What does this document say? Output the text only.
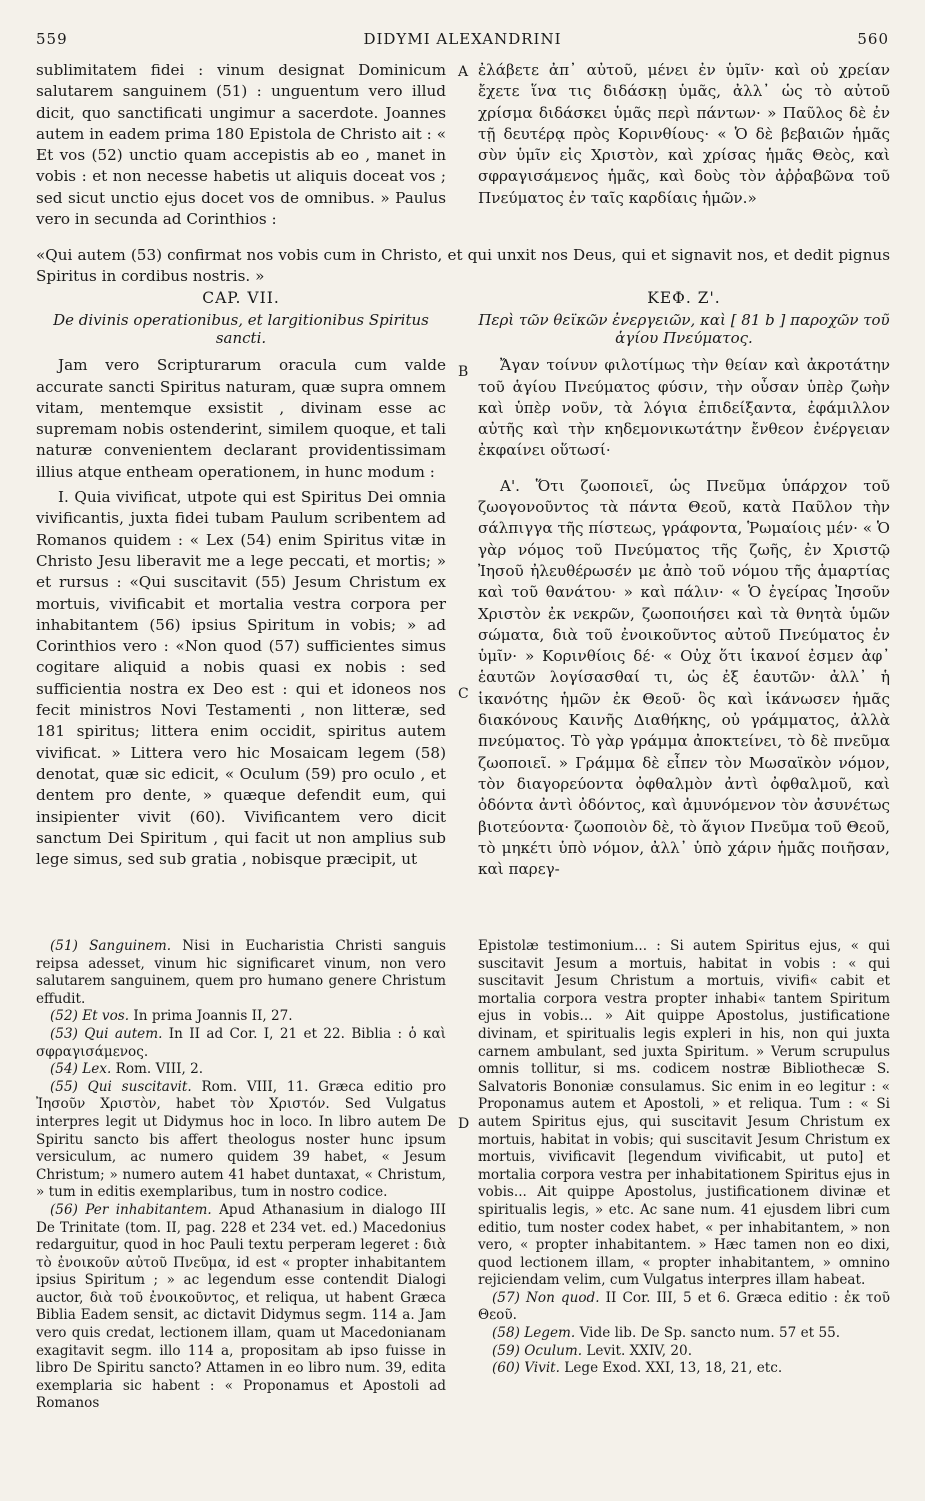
559	DIDYMI ALEXANDRINI	560
A
B
C
D

sublimitatem fidei : vinum designat Dominicum salutarem sanguinem (51) : unguentum vero illud dicit, quo sanctificati ungimur a sacerdote. Joannes autem in eadem prima 180 Epistola de Christo ait : « Et vos (52) unctio quam accepistis ab eo , manet in vobis : et non necesse habetis ut aliquis doceat vos ; sed sicut unctio ejus docet vos de omnibus. » Paulus vero in secunda ad Corinthios :

ἐλάβετε ἀπ᾽ αὐτοῦ, μένει ἐν ὑμῖν· καὶ οὐ χρείαν ἔχετε ἵνα τις διδάσκῃ ὑμᾶς, ἀλλ᾽ ὡς τὸ αὐτοῦ χρίσμα διδάσκει ὑμᾶς περὶ πάντων· » Παῦλος δὲ ἐν τῇ δευτέρᾳ πρὸς Κορινθίους· « Ὁ δὲ βεβαιῶν ἡμᾶς σὺν ὑμῖν εἰς Χριστὸν, καὶ χρίσας ἡμᾶς Θεὸς, καὶ σφραγισάμενος ἡμᾶς, καὶ δοὺς τὸν ἀῤῥαβῶνα τοῦ Πνεύματος ἐν ταῖς καρδίαις ἡμῶν.»

«Qui autem (53) confirmat nos vobis cum in Christo, et qui unxit nos Deus, qui et signavit nos, et dedit pignus Spiritus in cordibus nostris. »

CAP. VII.

De divinis operationibus, et largitionibus Spiritus sancti.

Jam vero Scripturarum oracula cum valde accurate sancti Spiritus naturam, quæ supra omnem vitam, mentemque exsistit , divinam esse ac supremam nobis ostenderint, similem quoque, et tali naturæ convenientem declarant providentissimam illius atque entheam operationem, in hunc modum :

I. Quia vivificat, utpote qui est Spiritus Dei omnia vivificantis, juxta fidei tubam Paulum scribentem ad Romanos quidem : « Lex (54) enim Spiritus vitæ in Christo Jesu liberavit me a lege peccati, et mortis; » et rursus : «Qui suscitavit (55) Jesum Christum ex mortuis, vivificabit et mortalia vestra corpora per inhabitantem (56) ipsius Spiritum in vobis; » ad Corinthios vero : «Non quod (57) sufficientes simus cogitare aliquid a nobis quasi ex nobis : sed sufficientia nostra ex Deo est : qui et idoneos nos fecit ministros Novi Testamenti , non litteræ, sed 181 spiritus; littera enim occidit, spiritus autem vivificat. » Littera vero hic Mosaicam legem (58) denotat, quæ sic edicit, « Oculum (59) pro oculo , et dentem pro dente, » quæque defendit eum, qui insipienter vivit (60). Vivificantem vero dicit sanctum Dei Spiritum , qui facit ut non amplius sub lege simus, sed sub gratia , nobisque præcipit, ut

ΚΕΦ. Ζ'.

Περὶ τῶν θεϊκῶν ἐνεργειῶν, καὶ [ 81 b ] παροχῶν τοῦ ἁγίου Πνεύματος.

Ἄγαν τοίνυν φιλοτίμως τὴν θείαν καὶ ἀκροτάτην τοῦ ἁγίου Πνεύματος φύσιν, τὴν οὖσαν ὑπὲρ ζωὴν καὶ ὑπὲρ νοῦν, τὰ λόγια ἐπιδείξαντα, ἐφάμιλλον αὐτῆς καὶ τὴν κηδεμονικωτάτην ἔνθεον ἐνέργειαν ἐκφαίνει οὕτωσί·

Α'. Ὅτι ζωοποιεῖ, ὡς Πνεῦμα ὑπάρχον τοῦ ζωογονοῦντος τὰ πάντα Θεοῦ, κατὰ Παῦλον τὴν σάλπιγγα τῆς πίστεως, γράφοντα, Ῥωμαίοις μέν· « Ὁ γὰρ νόμος τοῦ Πνεύματος τῆς ζωῆς, ἐν Χριστῷ Ἰησοῦ ἠλευθέρωσέν με ἀπὸ τοῦ νόμου τῆς ἁμαρτίας καὶ τοῦ θανάτου· » καὶ πάλιν· « Ὁ ἐγείρας Ἰησοῦν Χριστὸν ἐκ νεκρῶν, ζωοποιήσει καὶ τὰ θνητὰ ὑμῶν σώματα, διὰ τοῦ ἐνοικοῦντος αὐτοῦ Πνεύματος ἐν ὑμῖν· » Κορινθίοις δέ· « Οὐχ ὅτι ἱκανοί ἐσμεν ἀφ᾽ ἑαυτῶν λογίσασθαί τι, ὡς ἐξ ἑαυτῶν· ἀλλ᾽ ἡ ἱκανότης ἡμῶν ἐκ Θεοῦ· ὃς καὶ ἱκάνωσεν ἡμᾶς διακόνους Καινῆς Διαθήκης, οὐ γράμματος, ἀλλὰ πνεύματος. Τὸ γὰρ γράμμα ἀποκτείνει, τὸ δὲ πνεῦμα ζωοποιεῖ. » Γράμμα δὲ εἶπεν τὸν Μωσαϊκὸν νόμον, τὸν διαγορεύοντα ὀφθαλμὸν ἀντὶ ὀφθαλμοῦ, καὶ ὀδόντα ἀντὶ ὀδόντος, καὶ ἀμυνόμενον τὸν ἀσυνέτως βιοτεύοντα· ζωοποιὸν δὲ, τὸ ἅγιον Πνεῦμα τοῦ Θεοῦ, τὸ μηκέτι ὑπὸ νόμον, ἀλλ᾽ ὑπὸ χάριν ἡμᾶς ποιῆσαν, καὶ παρεγ-

(51) Sanguinem. Nisi in Eucharistia Christi sanguis reipsa adesset, vinum hic significaret vinum, non vero salutarem sanguinem, quem pro humano genere Christum effudit.

(52) Et vos. In prima Joannis II, 27.

(53) Qui autem. In II ad Cor. I, 21 et 22. Biblia : ὁ καὶ σφραγισάμενος.

(54) Lex. Rom. VIII, 2.

(55) Qui suscitavit. Rom. VIII, 11. Græca editio pro Ἰησοῦν Χριστὸν, habet τὸν Χριστόν. Sed Vulgatus interpres legit ut Didymus hoc in loco. In libro autem De Spiritu sancto bis affert theologus noster hunc ipsum versiculum, ac numero quidem 39 habet, « Jesum Christum; » numero autem 41 habet duntaxat, « Christum, » tum in editis exemplaribus, tum in nostro codice.

(56) Per inhabitantem. Apud Athanasium in dialogo III De Trinitate (tom. II, pag. 228 et 234 vet. ed.) Macedonius redarguitur, quod in hoc Pauli textu perperam legeret : διὰ τὸ ἐνοικοῦν αὐτοῦ Πνεῦμα, id est « propter inhabitantem ipsius Spiritum ; » ac legendum esse contendit Dialogi auctor, διὰ τοῦ ἐνοικοῦντος, et reliqua, ut habent Græca Biblia Eadem sensit, ac dictavit Didymus segm. 114 a. Jam vero quis credat, lectionem illam, quam ut Macedonianam exagitavit segm. illo 114 a, propositam ab ipso fuisse in libro De Spiritu sancto? Attamen in eo libro num. 39, edita exemplaria sic habent : « Proponamus et Apostoli ad Romanos

Epistolæ testimonium... : Si autem Spiritus ejus, « qui suscitavit Jesum a mortuis, habitat in vobis : « qui suscitavit Jesum Christum a mortuis, vivifi« cabit et mortalia corpora vestra propter inhabi« tantem Spiritum ejus in vobis... » Ait quippe Apostolus, justificatione divinam, et spiritualis legis expleri in his, non qui juxta carnem ambulant, sed juxta Spiritum. » Verum scrupulus omnis tollitur, si ms. codicem nostræ Bibliothecæ S. Salvatoris Bononiæ consulamus. Sic enim in eo legitur : « Proponamus autem et Apostoli, » et reliqua. Tum : « Si autem Spiritus ejus, qui suscitavit Jesum Christum ex mortuis, habitat in vobis; qui suscitavit Jesum Christum ex mortuis, vivificavit [legendum vivificabit, ut puto] et mortalia corpora vestra per inhabitationem Spiritus ejus in vobis... Ait quippe Apostolus, justificationem divinæ et spiritualis legis, » etc. Ac sane num. 41 ejusdem libri cum editio, tum noster codex habet, « per inhabitantem, » non vero, « propter inhabitantem. » Hæc tamen non eo dixi, quod lectionem illam, « propter inhabitantem, » omnino rejiciendam velim, cum Vulgatus interpres illam habeat.

(57) Non quod. II Cor. III, 5 et 6. Græca editio : ἐκ τοῦ Θεοῦ.

(58) Legem. Vide lib. De Sp. sancto num. 57 et 55.

(59) Oculum. Levit. XXIV, 20.

(60) Vivit. Lege Exod. XXI, 13, 18, 21, etc.
